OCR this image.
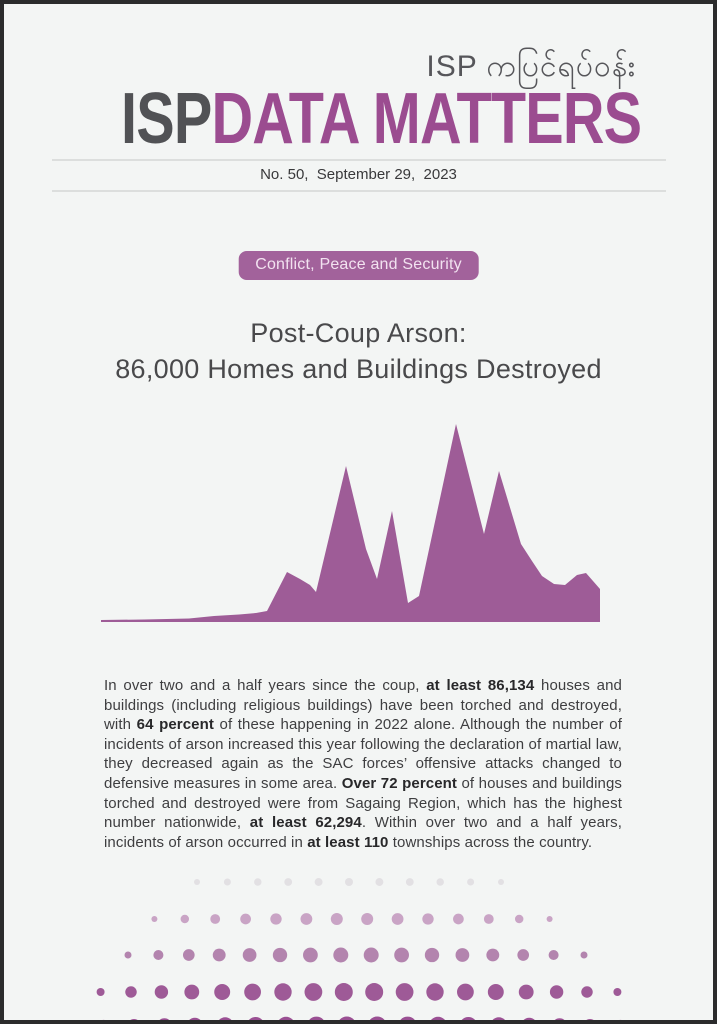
ISP ကပြင်ရပ်ဝန်း
ISPDATA MATTERS
No. 50,  September 29,  2023
Conflict, Peace and Security
Post-Coup Arson:
86,000 Homes and Buildings Destroyed

In over two and a half years since the coup, at least 86,134 houses and buildings (including religious buildings) have been torched and destroyed, with 64 percent of these happening in 2022 alone. Although the number of incidents of arson increased this year following the declaration of martial law, they decreased again as the SAC forces’ offensive attacks changed to defensive measures in some area. Over 72 percent of houses and buildings torched and destroyed were from Sagaing Region, which has the highest number nationwide, at least 62,294. Within over two and a half years, incidents of arson occurred in at least 110 townships across the country.
